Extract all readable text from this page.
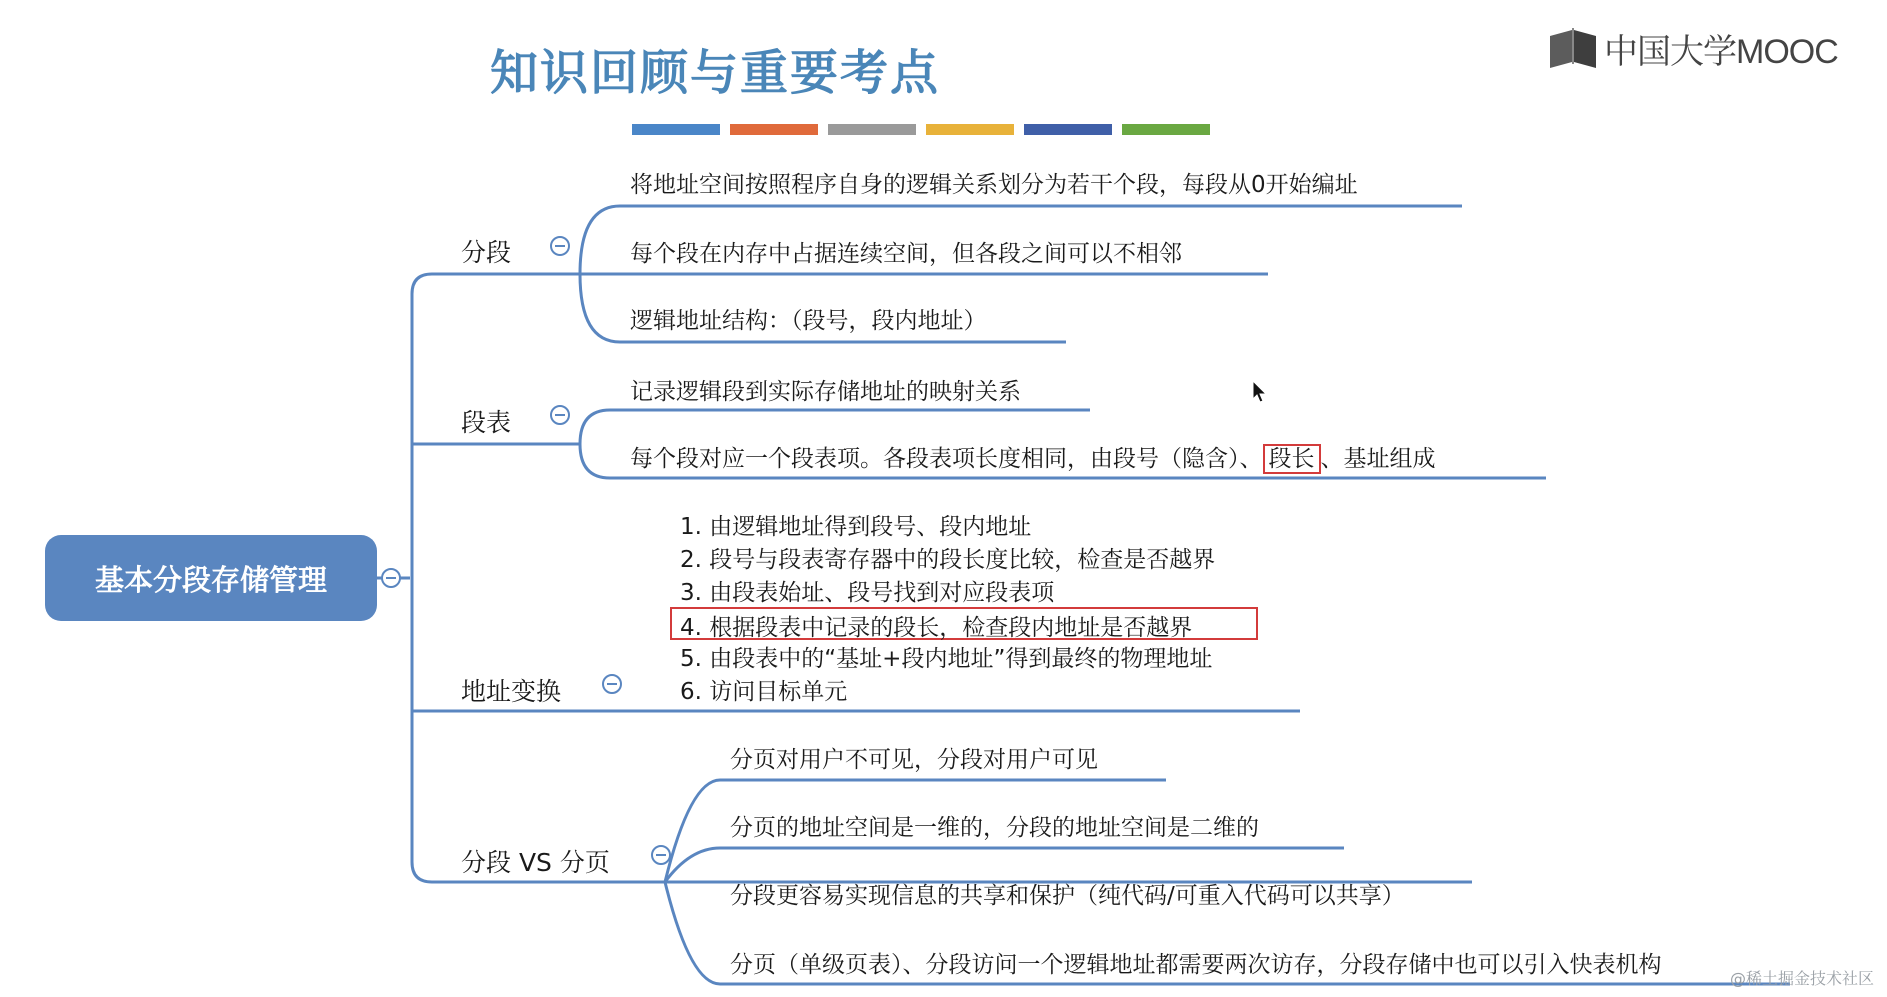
知识回顾与重要考点	中国大学MOOC
基本分段存储管理
分段
将地址空间按照程序自身的逻辑关系划分为若干个段，每段从0开始编址
每个段在内存中占据连续空间，但各段之间可以不相邻
逻辑地址结构：（段号，段内地址）
段表
记录逻辑段到实际存储地址的映射关系
每个段对应一个段表项。各段表项长度相同，由段号（隐含）、 段长 、基址组成
地址变换
1. 由逻辑地址得到段号、段内地址
2. 段号与段表寄存器中的段长度比较，检查是否越界
3. 由段表始址、段号找到对应段表项
4. 根据段表中记录的段长，检查段内地址是否越界
5. 由段表中的“基址+段内地址”得到最终的物理地址
6. 访问目标单元
分段 VS 分页
分页对用户不可见，分段对用户可见
分页的地址空间是一维的，分段的地址空间是二维的
分段更容易实现信息的共享和保护（纯代码/可重入代码可以共享）
分页（单级页表）、分段访问一个逻辑地址都需要两次访存，分段存储中也可以引入快表机构
@稀土掘金技术社区
